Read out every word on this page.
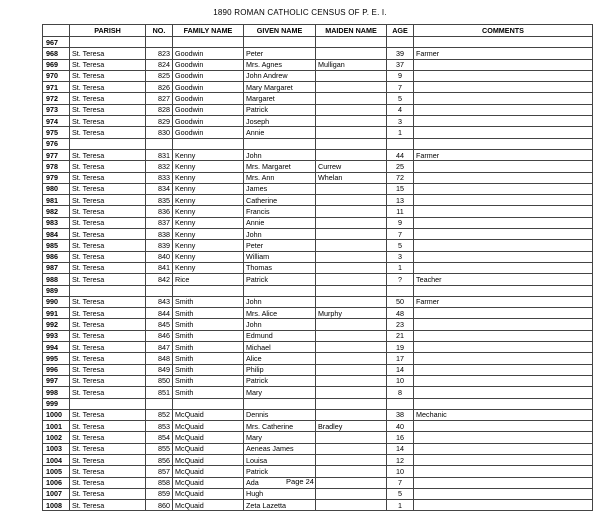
1890 ROMAN CATHOLIC CENSUS OF P. E. I.
	PARISH	NO.	FAMILY NAME	GIVEN NAME	MAIDEN NAME	AGE	COMMENTS
967							
968	St. Teresa	823	Goodwin	Peter		39	Farmer
969	St. Teresa	824	Goodwin	Mrs. Agnes	Mulligan	37	
970	St. Teresa	825	Goodwin	John Andrew		9	
971	St. Teresa	826	Goodwin	Mary Margaret		7	
972	St. Teresa	827	Goodwin	Margaret		5	
973	St. Teresa	828	Goodwin	Patrick		4	
974	St. Teresa	829	Goodwin	Joseph		3	
975	St. Teresa	830	Goodwin	Annie		1	
976							
977	St. Teresa	831	Kenny	John		44	Farmer
978	St. Teresa	832	Kenny	Mrs. Margaret	Currew	25	
979	St. Teresa	833	Kenny	Mrs. Ann	Whelan	72	
980	St. Teresa	834	Kenny	James		15	
981	St. Teresa	835	Kenny	Catherine		13	
982	St. Teresa	836	Kenny	Francis		11	
983	St. Teresa	837	Kenny	Annie		9	
984	St. Teresa	838	Kenny	John		7	
985	St. Teresa	839	Kenny	Peter		5	
986	St. Teresa	840	Kenny	William		3	
987	St. Teresa	841	Kenny	Thomas		1	
988	St. Teresa	842	Rice	Patrick		?	Teacher
989							
990	St. Teresa	843	Smith	John		50	Farmer
991	St. Teresa	844	Smith	Mrs. Alice	Murphy	48	
992	St. Teresa	845	Smith	John		23	
993	St. Teresa	846	Smith	Edmund		21	
994	St. Teresa	847	Smith	Michael		19	
995	St. Teresa	848	Smith	Alice		17	
996	St. Teresa	849	Smith	Philip		14	
997	St. Teresa	850	Smith	Patrick		10	
998	St. Teresa	851	Smith	Mary		8	
999							
1000	St. Teresa	852	McQuaid	Dennis		38	Mechanic
1001	St. Teresa	853	McQuaid	Mrs. Catherine	Bradley	40	
1002	St. Teresa	854	McQuaid	Mary		16	
1003	St. Teresa	855	McQuaid	Aeneas James		14	
1004	St. Teresa	856	McQuaid	Louisa		12	
1005	St. Teresa	857	McQuaid	Patrick		10	
1006	St. Teresa	858	McQuaid	Ada		7	
1007	St. Teresa	859	McQuaid	Hugh		5	
1008	St. Teresa	860	McQuaid	Zeta Lazetta		1	
Page 24
